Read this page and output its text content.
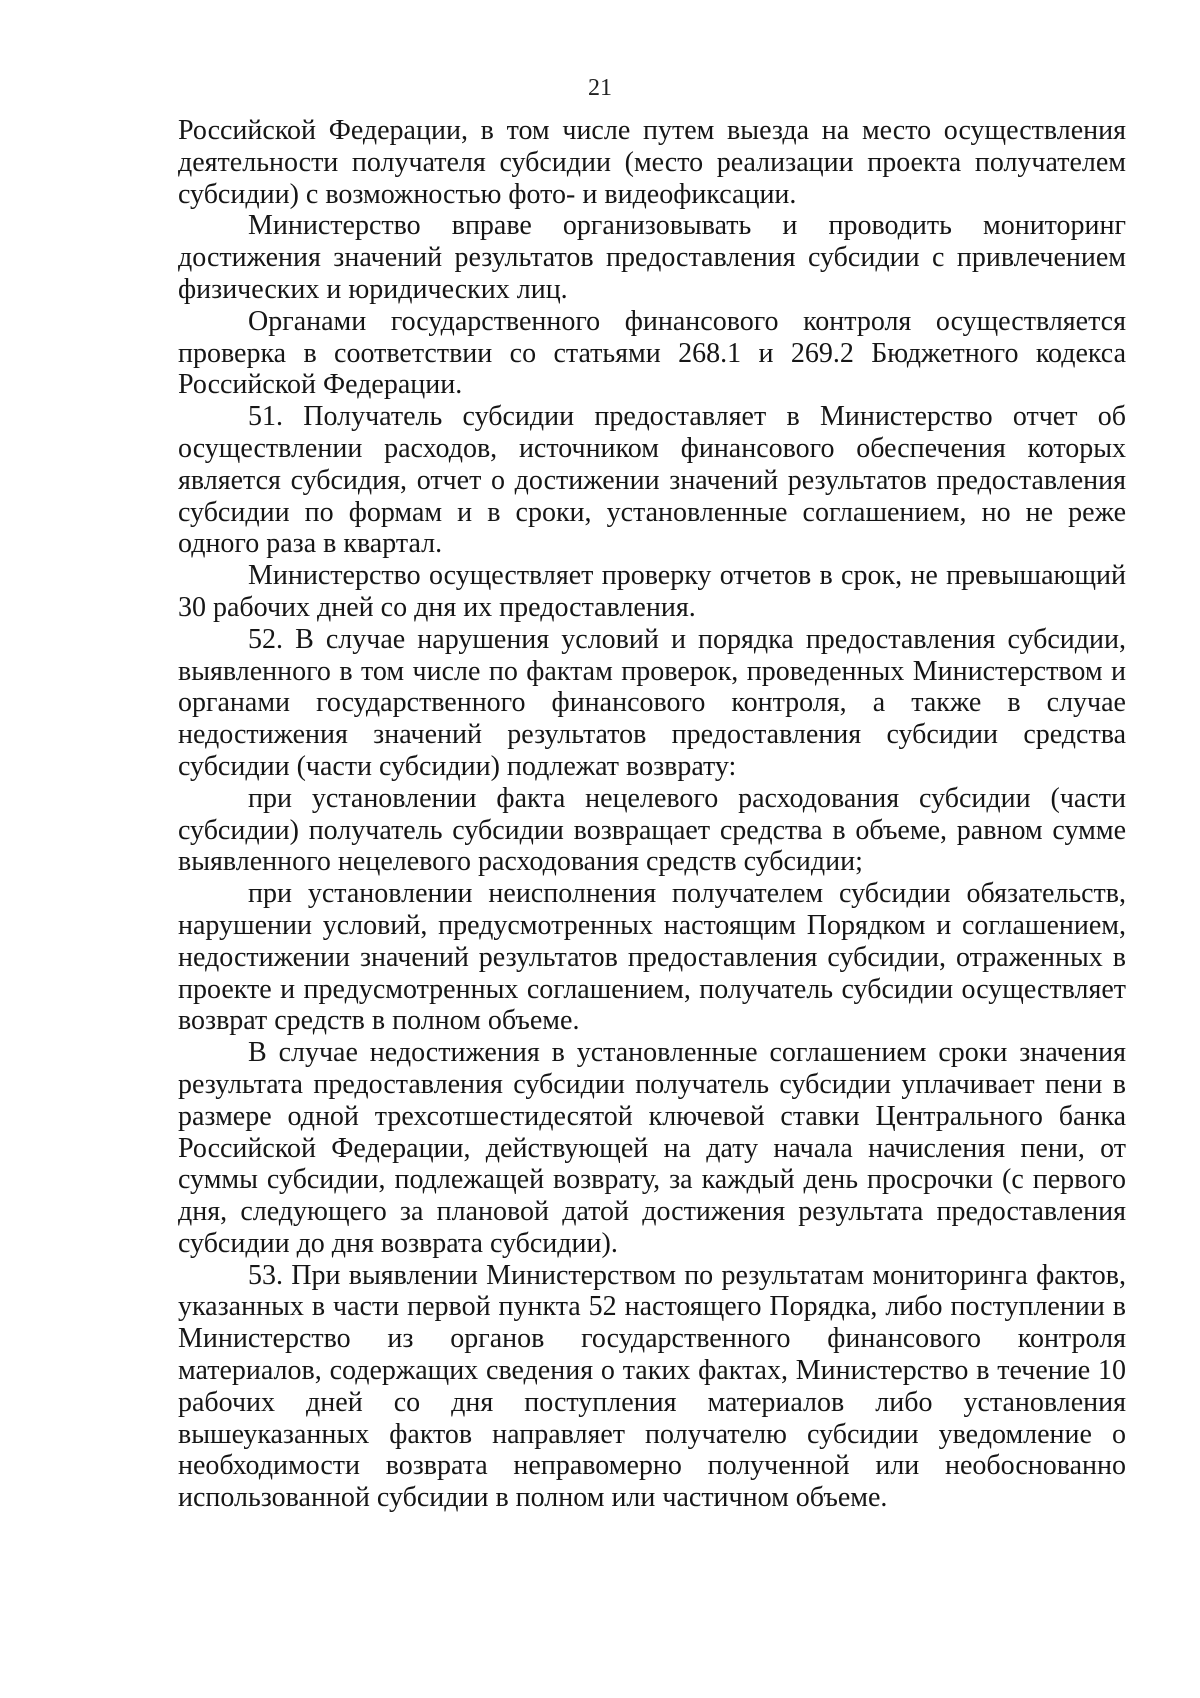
21

Российской Федерации, в том числе путем выезда на место осуществления деятельности получателя субсидии (место реализации проекта получателем субсидии) с возможностью фото- и видеофиксации.

Министерство вправе организовывать и проводить мониторинг достижения значений результатов предоставления субсидии с привлечением физических и юридических лиц.

Органами государственного финансового контроля осуществляется проверка в соответствии со статьями 268.1 и 269.2 Бюджетного кодекса Российской Федерации.

51. Получатель субсидии предоставляет в Министерство отчет об осуществлении расходов, источником финансового обеспечения которых является субсидия, отчет о достижении значений результатов предоставления субсидии по формам и в сроки, установленные соглашением, но не реже одного раза в квартал.

Министерство осуществляет проверку отчетов в срок, не превышающий 30 рабочих дней со дня их предоставления.

52. В случае нарушения условий и порядка предоставления субсидии, выявленного в том числе по фактам проверок, проведенных Министерством и органами государственного финансового контроля, а также в случае недостижения значений результатов предоставления субсидии средства субсидии (части субсидии) подлежат возврату:

при установлении факта нецелевого расходования субсидии (части субсидии) получатель субсидии возвращает средства в объеме, равном сумме выявленного нецелевого расходования средств субсидии;

при установлении неисполнения получателем субсидии обязательств, нарушении условий, предусмотренных настоящим Порядком и соглашением, недостижении значений результатов предоставления субсидии, отраженных в проекте и предусмотренных соглашением, получатель субсидии осуществляет возврат средств в полном объеме.

В случае недостижения в установленные соглашением сроки значения результата предоставления субсидии получатель субсидии уплачивает пени в размере одной трехсотшестидесятой ключевой ставки Центрального банка Российской Федерации, действующей на дату начала начисления пени, от суммы субсидии, подлежащей возврату, за каждый день просрочки (с первого дня, следующего за плановой датой достижения результата предоставления субсидии до дня возврата субсидии).

53. При выявлении Министерством по результатам мониторинга фактов, указанных в части первой пункта 52 настоящего Порядка, либо поступлении в Министерство из органов государственного финансового контроля материалов, содержащих сведения о таких фактах, Министерство в течение 10 рабочих дней со дня поступления материалов либо установления вышеуказанных фактов направляет получателю субсидии уведомление о необходимости возврата неправомерно полученной или необоснованно использованной субсидии в полном или частичном объеме.
